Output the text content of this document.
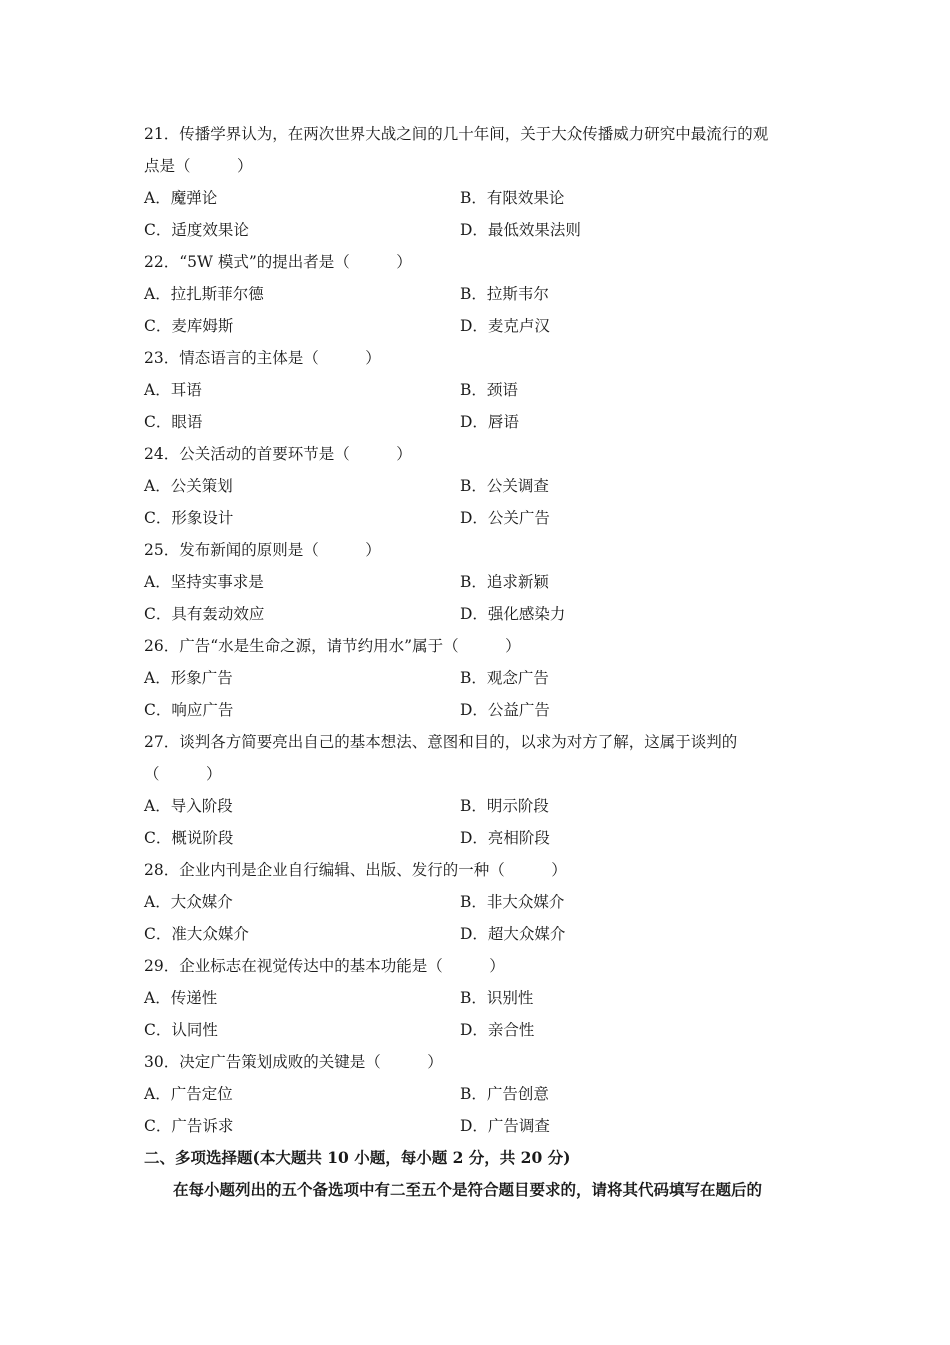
21．传播学界认为，在两次世界大战之间的几十年间，关于大众传播威力研究中最流行的观
点是（　　　）
A．魔弹论	B．有限效果论
C．适度效果论	D．最低效果法则
22．“5W 模式”的提出者是（　　　）
A．拉扎斯菲尔德	B．拉斯韦尔
C．麦库姆斯	D．麦克卢汉
23．情态语言的主体是（　　　）
A．耳语	B．颈语
C．眼语	D．唇语
24．公关活动的首要环节是（　　　）
A．公关策划	B．公关调查
C．形象设计	D．公关广告
25．发布新闻的原则是（　　　）
A．坚持实事求是	B．追求新颖
C．具有轰动效应	D．强化感染力
26．广告“水是生命之源，请节约用水”属于（　　　）
A．形象广告	B．观念广告
C．响应广告	D．公益广告
27．谈判各方简要亮出自己的基本想法、意图和目的，以求为对方了解，这属于谈判的
（　　　）
A．导入阶段	B．明示阶段
C．概说阶段	D．亮相阶段
28．企业内刊是企业自行编辑、出版、发行的一种（　　　）
A．大众媒介	B．非大众媒介
C．准大众媒介	D．超大众媒介
29．企业标志在视觉传达中的基本功能是（　　　）
A．传递性	B．识别性
C．认同性	D．亲合性
30．决定广告策划成败的关键是（　　　）
A．广告定位	B．广告创意
C．广告诉求	D．广告调查
二、多项选择题(本大题共 10 小题，每小题 2 分，共 20 分)
在每小题列出的五个备选项中有二至五个是符合题目要求的，请将其代码填写在题后的
